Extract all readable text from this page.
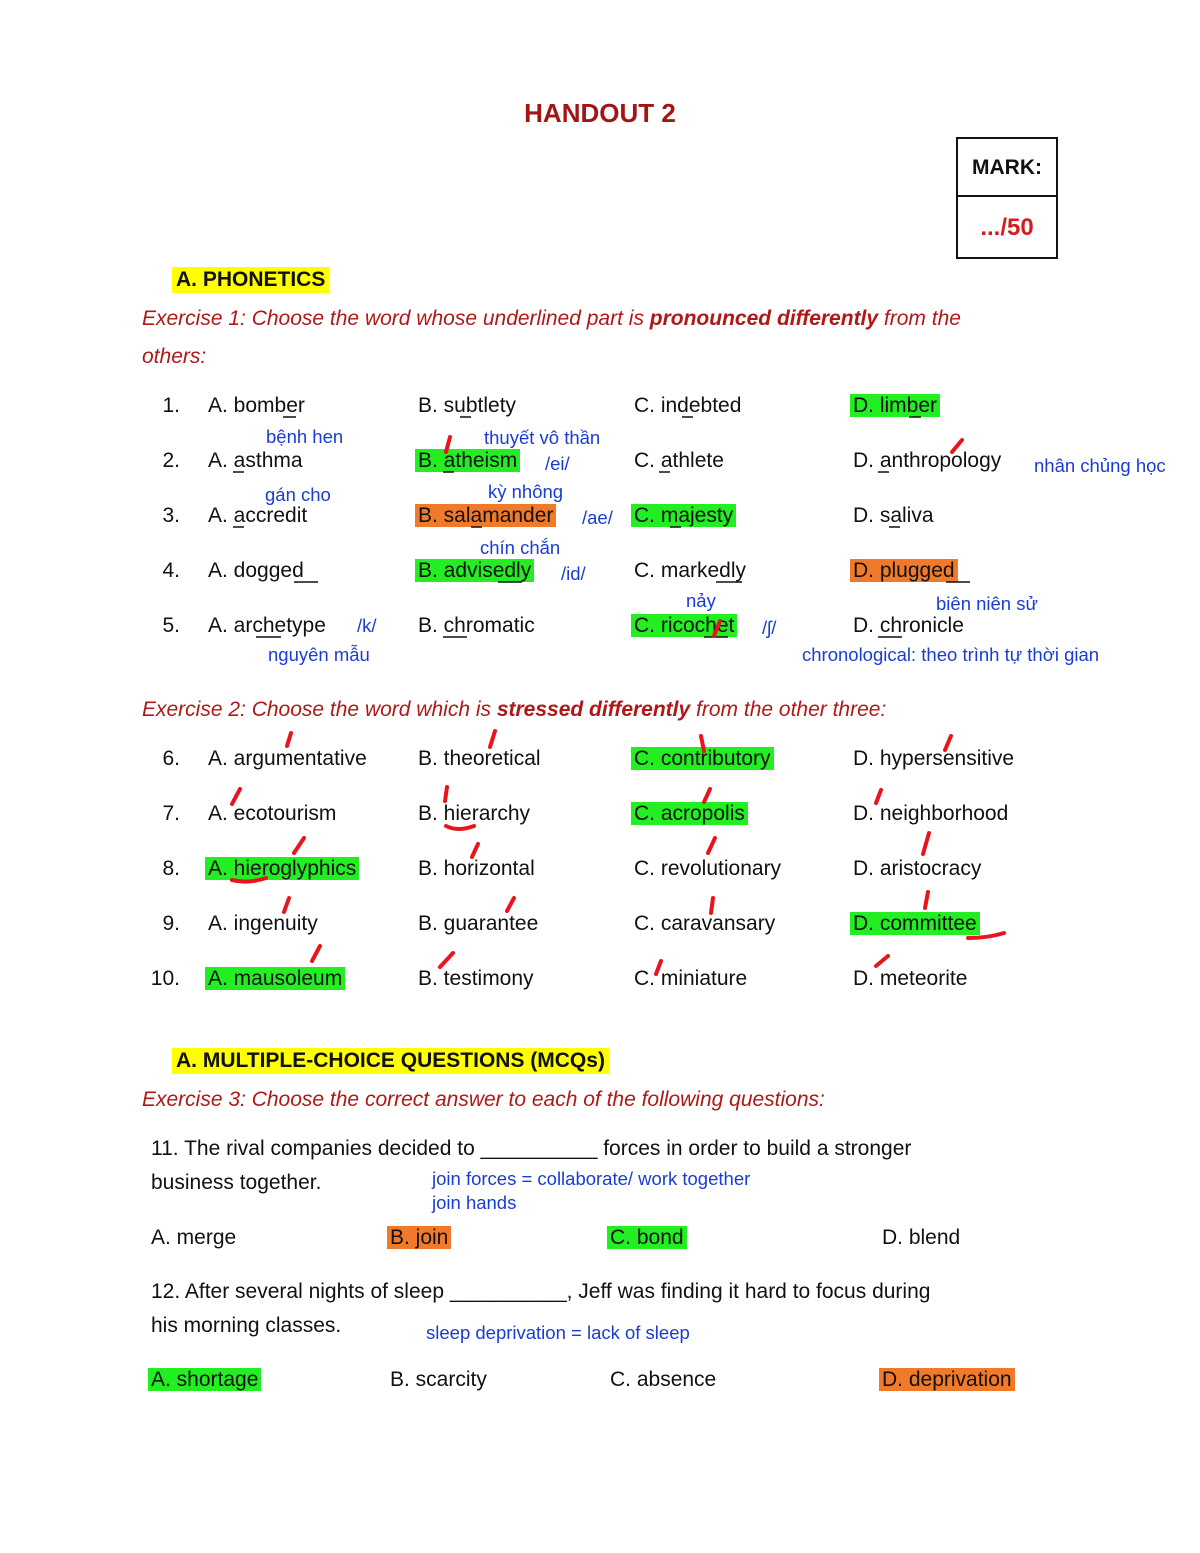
HANDOUT 2
MARK:
.../50
A. PHONETICS
Exercise 1: Choose the word whose underlined part is pronounced differently from the
others:
1. A. bomber	B. subtlety	C. indebted	D. limber
2. A. asthma	B. atheism	C. athlete	D. anthropology
3. A. accredit	B. salamander	C. majesty	D. saliva
4. A. dogged	B. advisedly	C. markedly	D. plugged
5. A. archetype	B. chromatic	C. ricochet	D. chronicle
bệnh hen	thuyết vô thần
/ei/	nhân chủng học
gán cho	kỳ nhông
/ae/
chín chắn
/id/
nảy	biên niên sử
/k/	/ʃ/
nguyên mẫu	chronological: theo trình tự thời gian
Exercise 2: Choose the word which is stressed differently from the other three:
6. A. argumentative B. theoretical	C. contributory	D. hypersensitive
7. A. ecotourism	B. hierarchy	C. acropolis	D. neighborhood
8. A. hieroglyphics	B. horizontal	C. revolutionary	D. aristocracy
9. A. ingenuity	B. guarantee	C. caravansary	D. committee
10. A. mausoleum	B. testimony	C. miniature	D. meteorite
A. MULTIPLE-CHOICE QUESTIONS (MCQs)
Exercise 3: Choose the correct answer to each of the following questions:
11. The rival companies decided to __________ forces in order to build a stronger
business together.	join forces = collaborate/ work together
join hands
A. merge	B. join	C. bond	D. blend
12. After several nights of sleep __________, Jeff was finding it hard to focus during
his morning classes.	sleep deprivation = lack of sleep
A. shortage	B. scarcity	C. absence	D. deprivation
